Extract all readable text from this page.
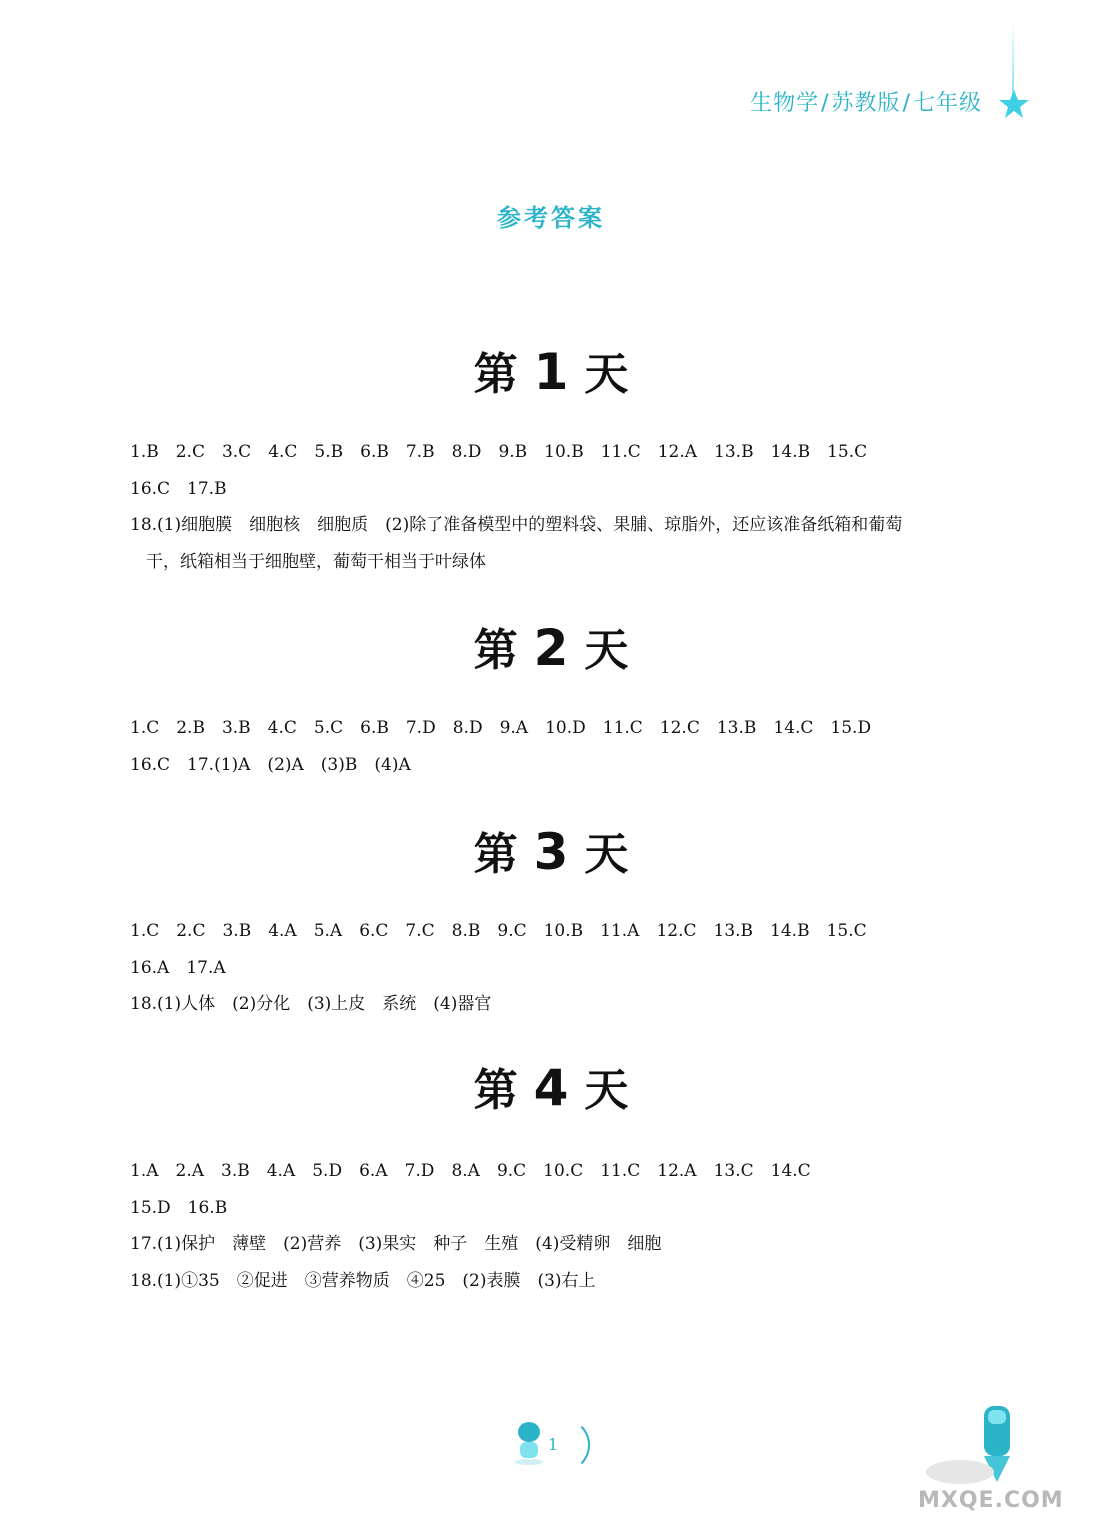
生物学/苏教版/七年级
参考答案
第 1 天
1.B 2.C 3.C 4.C 5.B 6.B 7.B 8.D 9.B 10.B 11.C 12.A 13.B 14.B 15.C
16.C 17.B
18.(1)细胞膜　细胞核　细胞质　(2)除了准备模型中的塑料袋、果脯、琼脂外，还应该准备纸箱和葡萄
干，纸箱相当于细胞壁，葡萄干相当于叶绿体
第 2 天
1.C 2.B 3.B 4.C 5.C 6.B 7.D 8.D 9.A 10.D 11.C 12.C 13.B 14.C 15.D
16.C　17.(1)A　(2)A　(3)B　(4)A
第 3 天
1.C 2.C 3.B 4.A 5.A 6.C 7.C 8.B 9.C 10.B 11.A 12.C 13.B 14.B 15.C
16.A 17.A
18.(1)人体　(2)分化　(3)上皮　系统　(4)器官
第 4 天
1.A 2.A 3.B 4.A 5.D 6.A 7.D 8.A 9.C 10.C 11.C 12.A 13.C 14.C
15.D 16.B
17.(1)保护　薄壁　(2)营养　(3)果实　种子　生殖　(4)受精卵　细胞
18.(1)①35　②促进　③营养物质　④25　(2)表膜　(3)右上
1
MXQE.COM
